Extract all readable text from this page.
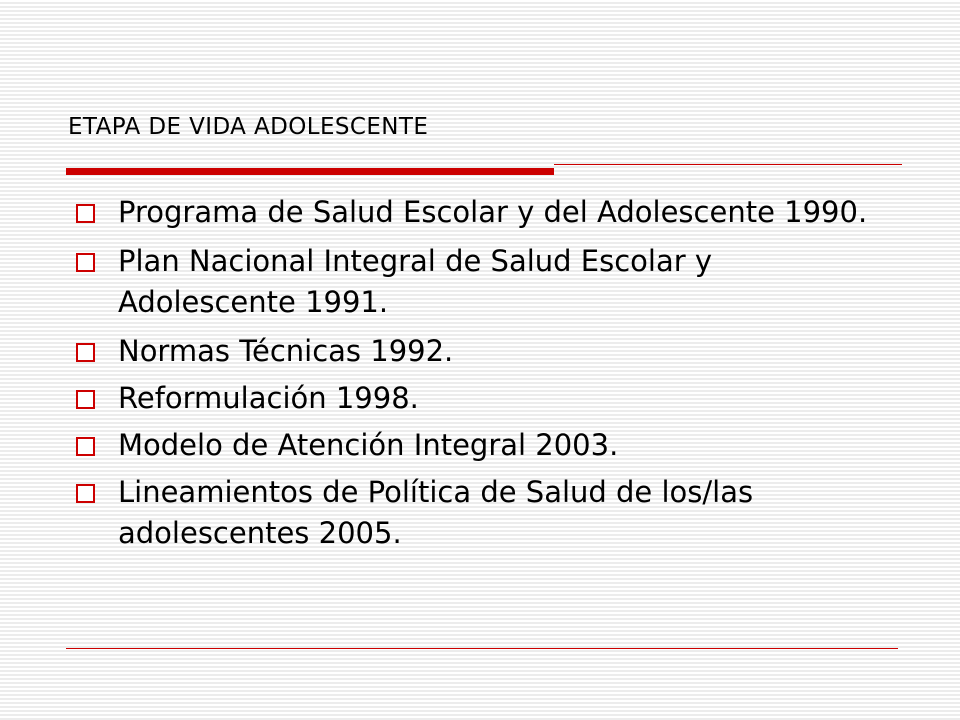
ETAPA DE VIDA ADOLESCENTE
Programa de Salud Escolar y del Adolescente 1990.
Plan Nacional Integral de Salud Escolar y Adolescente 1991.
Normas Técnicas 1992.
Reformulación 1998.
Modelo de Atención Integral 2003.
Lineamientos de Política de Salud de los/las adolescentes 2005.
